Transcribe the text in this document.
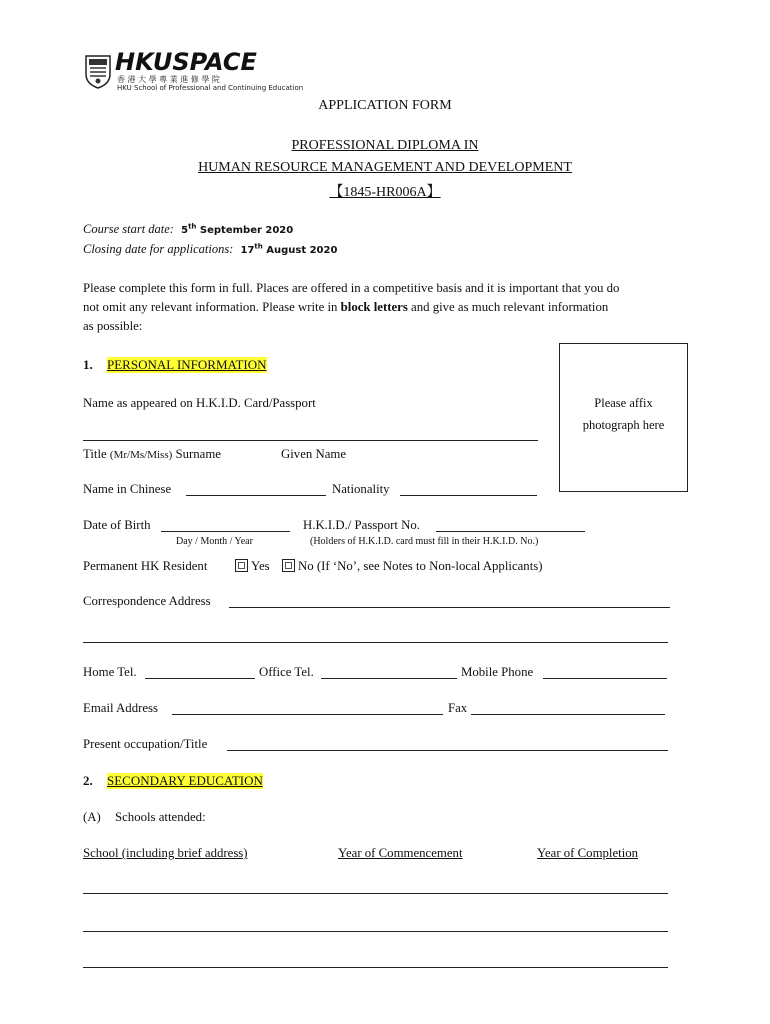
HKUSPACE
香 港 大 學 專 業 進 修 學 院
HKU School of Professional and Continuing Education
APPLICATION FORM
PROFESSIONAL DIPLOMA IN
HUMAN RESOURCE MANAGEMENT AND DEVELOPMENT
【1845-HR006A】
Course start date: 5th September 2020
Closing date for applications: 17th August 2020
Please complete this form in full. Places are offered in a competitive basis and it is important that you do
not omit any relevant information. Please write in block letters and give as much relevant information
as possible:
Please affix
photograph here
1. PERSONAL INFORMATION
Name as appeared on H.K.I.D. Card/Passport
Title (Mr/Ms/Miss) Surname	Given Name
Name in Chinese	Nationality
Date of Birth
Day / Month / Year
H.K.I.D./ Passport No.
(Holders of H.K.I.D. card must fill in their H.K.I.D. No.)
Permanent HK Resident	Yes No (If ‘No’, see Notes to Non-local Applicants)
Correspondence Address
Home Tel.	Office Tel.	Mobile Phone
Email Address	Fax
Present occupation/Title
2. SECONDARY EDUCATION
(A) Schools attended:
School (including brief address)	Year of Commencement	Year of Completion
